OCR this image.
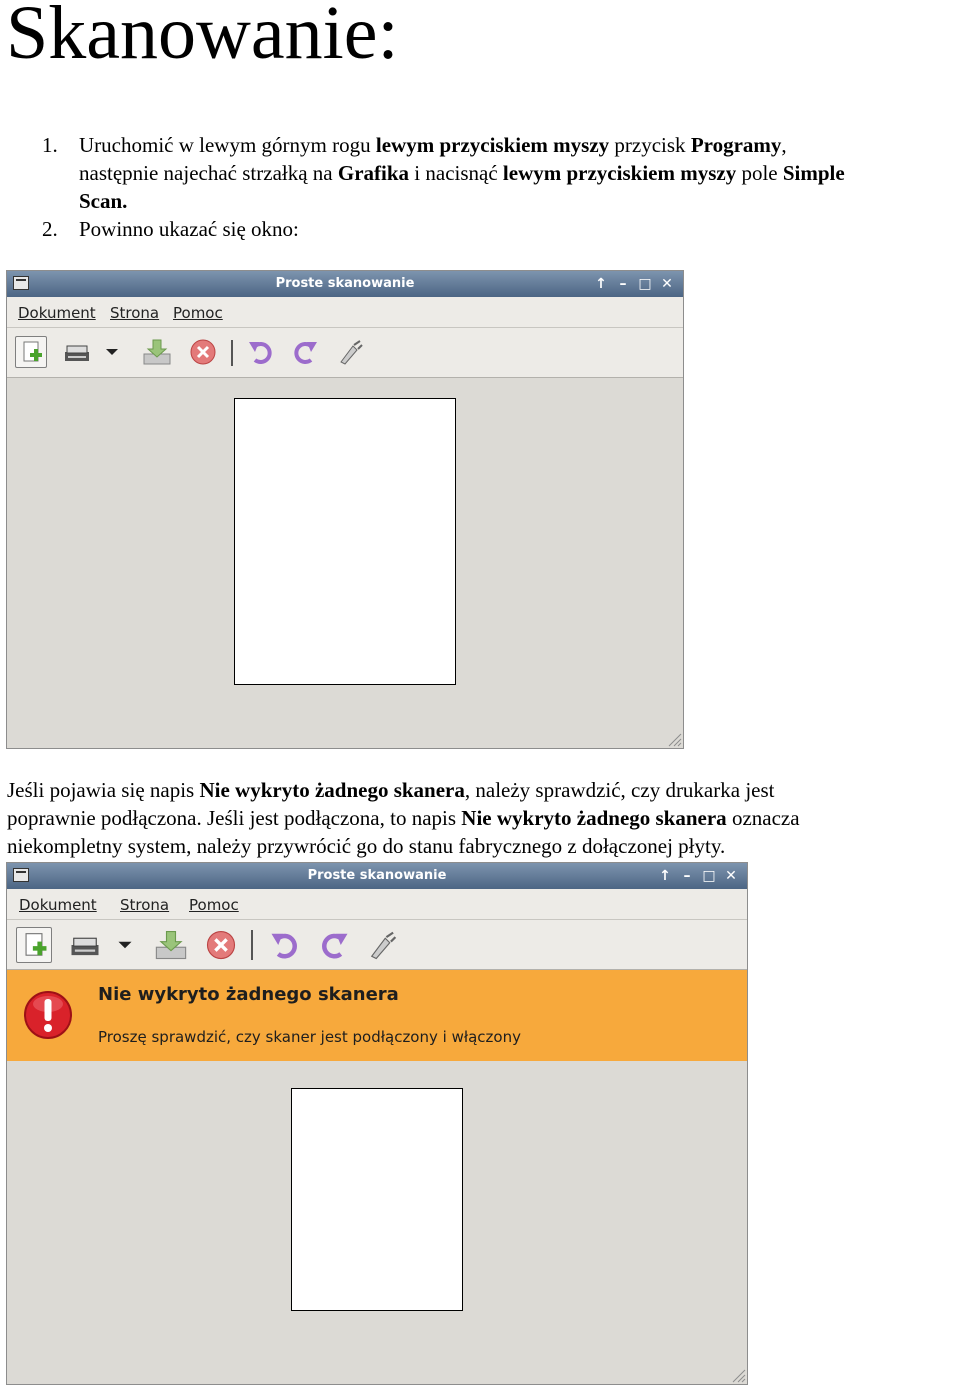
Skanowanie:
1. Uruchomić w lewym górnym rogu lewym przyciskiem myszy przycisk Programy,
następnie najechać strzałką na Grafika i nacisnąć lewym przyciskiem myszy pole Simple
Scan.
2. Powinno ukazać się okno:
Proste skanowanie	↑ – □ ✕
Dokument Strona Pomoc

Jeśli pojawia się napis Nie wykryto żadnego skanera, należy sprawdzić, czy drukarka jest
poprawnie podłączona. Jeśli jest podłączona, to napis Nie wykryto żadnego skanera oznacza
niekompletny system, należy przywrócić go do stanu fabrycznego z dołączonej płyty.

Proste skanowanie	↑ – □ ✕
Dokument Strona Pomoc
Nie wykryto żadnego skanera
Proszę sprawdzić, czy skaner jest podłączony i włączony
